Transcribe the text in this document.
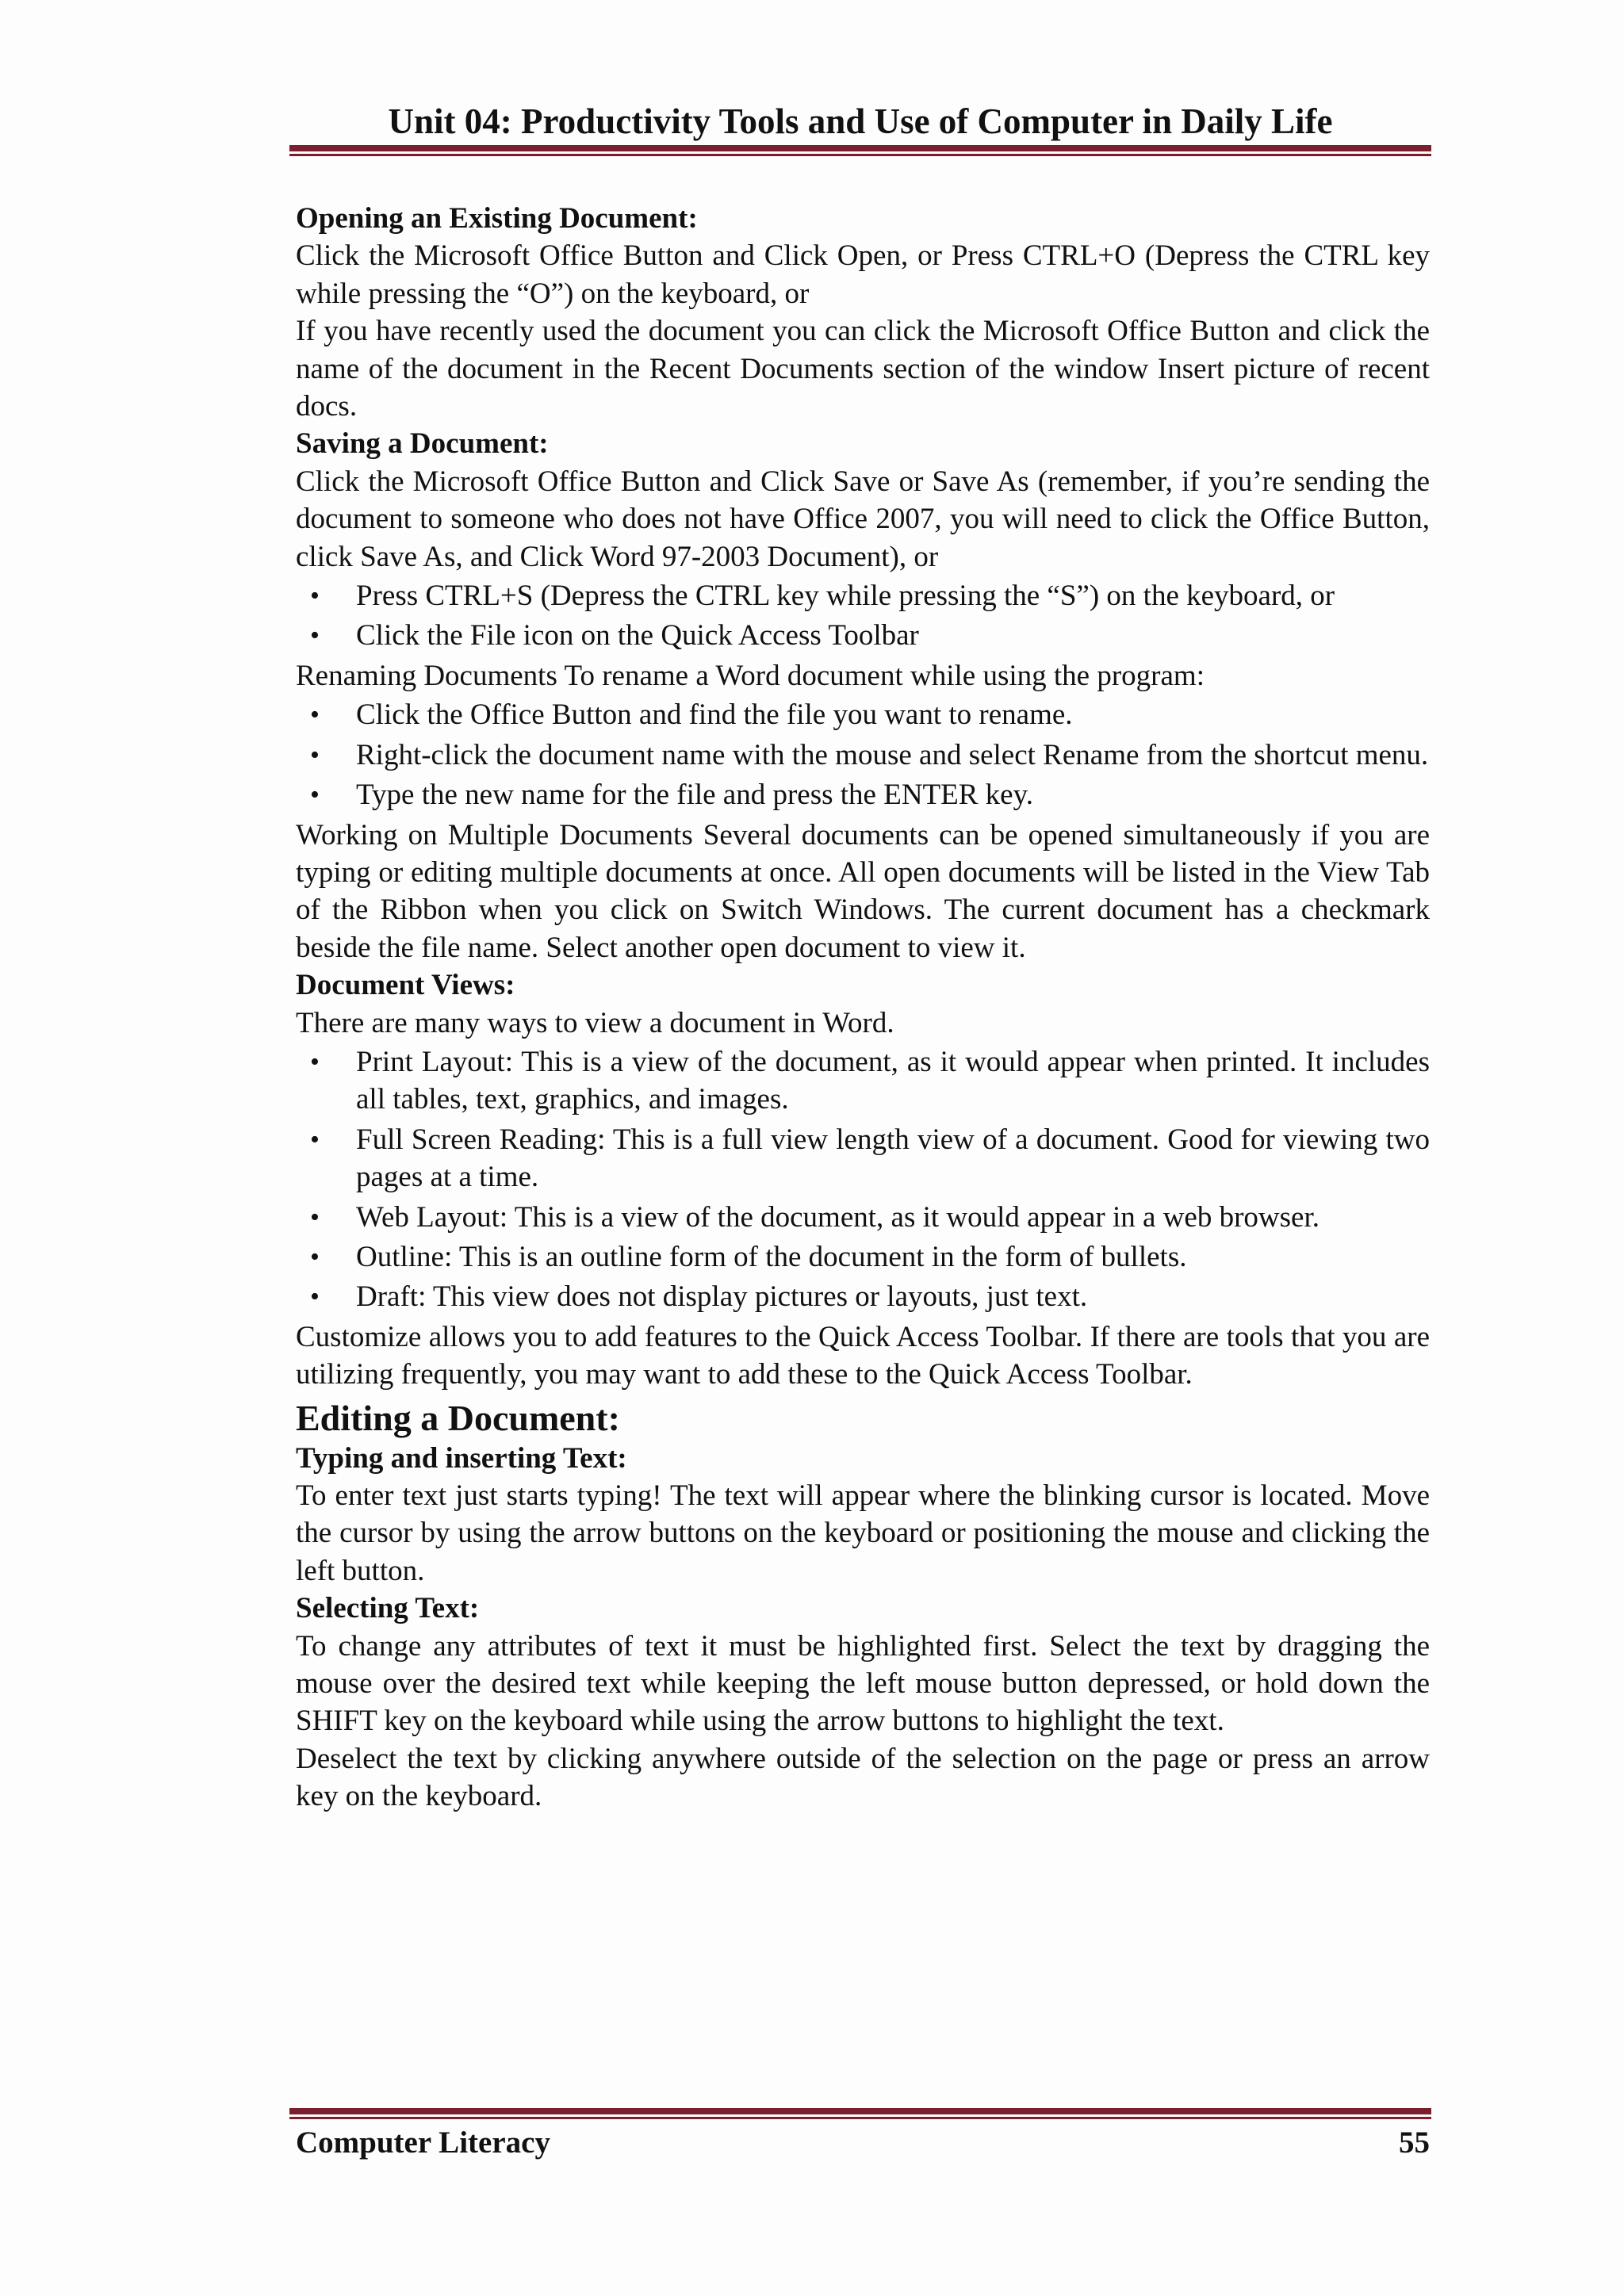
Unit 04: Productivity Tools and Use of Computer in Daily Life
Opening an Existing Document:

Click the Microsoft Office Button and Click Open, or Press CTRL+O (Depress the CTRL key while pressing the “O”) on the keyboard, or

If you have recently used the document you can click the Microsoft Office Button and click the name of the document in the Recent Documents section of the window Insert picture of recent docs.

Saving a Document:

Click the Microsoft Office Button and Click Save or Save As (remember, if you’re sending the document to someone who does not have Office 2007, you will need to click the Office Button, click Save As, and Click Word 97-2003 Document), or

• Press CTRL+S (Depress the CTRL key while pressing the “S”) on the keyboard, or
• Click the File icon on the Quick Access Toolbar

Renaming Documents To rename a Word document while using the program:

• Click the Office Button and find the file you want to rename.
• Right-click the document name with the mouse and select Rename from the shortcut menu.
• Type the new name for the file and press the ENTER key.

Working on Multiple Documents Several documents can be opened simultaneously if you are typing or editing multiple documents at once. All open documents will be listed in the View Tab of the Ribbon when you click on Switch Windows. The current document has a checkmark beside the file name. Select another open document to view it.

Document Views:

There are many ways to view a document in Word.

• Print Layout: This is a view of the document, as it would appear when printed. It includes all tables, text, graphics, and images.
• Full Screen Reading: This is a full view length view of a document. Good for viewing two pages at a time.
• Web Layout: This is a view of the document, as it would appear in a web browser.
• Outline: This is an outline form of the document in the form of bullets.
• Draft: This view does not display pictures or layouts, just text.

Customize allows you to add features to the Quick Access Toolbar. If there are tools that you are utilizing frequently, you may want to add these to the Quick Access Toolbar.

Editing a Document:
Typing and inserting Text:

To enter text just starts typing! The text will appear where the blinking cursor is located. Move the cursor by using the arrow buttons on the keyboard or positioning the mouse and clicking the left button.

Selecting Text:

To change any attributes of text it must be highlighted first. Select the text by dragging the mouse over the desired text while keeping the left mouse button depressed, or hold down the SHIFT key on the keyboard while using the arrow buttons to highlight the text.

Deselect the text by clicking anywhere outside of the selection on the page or press an arrow key on the keyboard.

Computer Literacy	55
